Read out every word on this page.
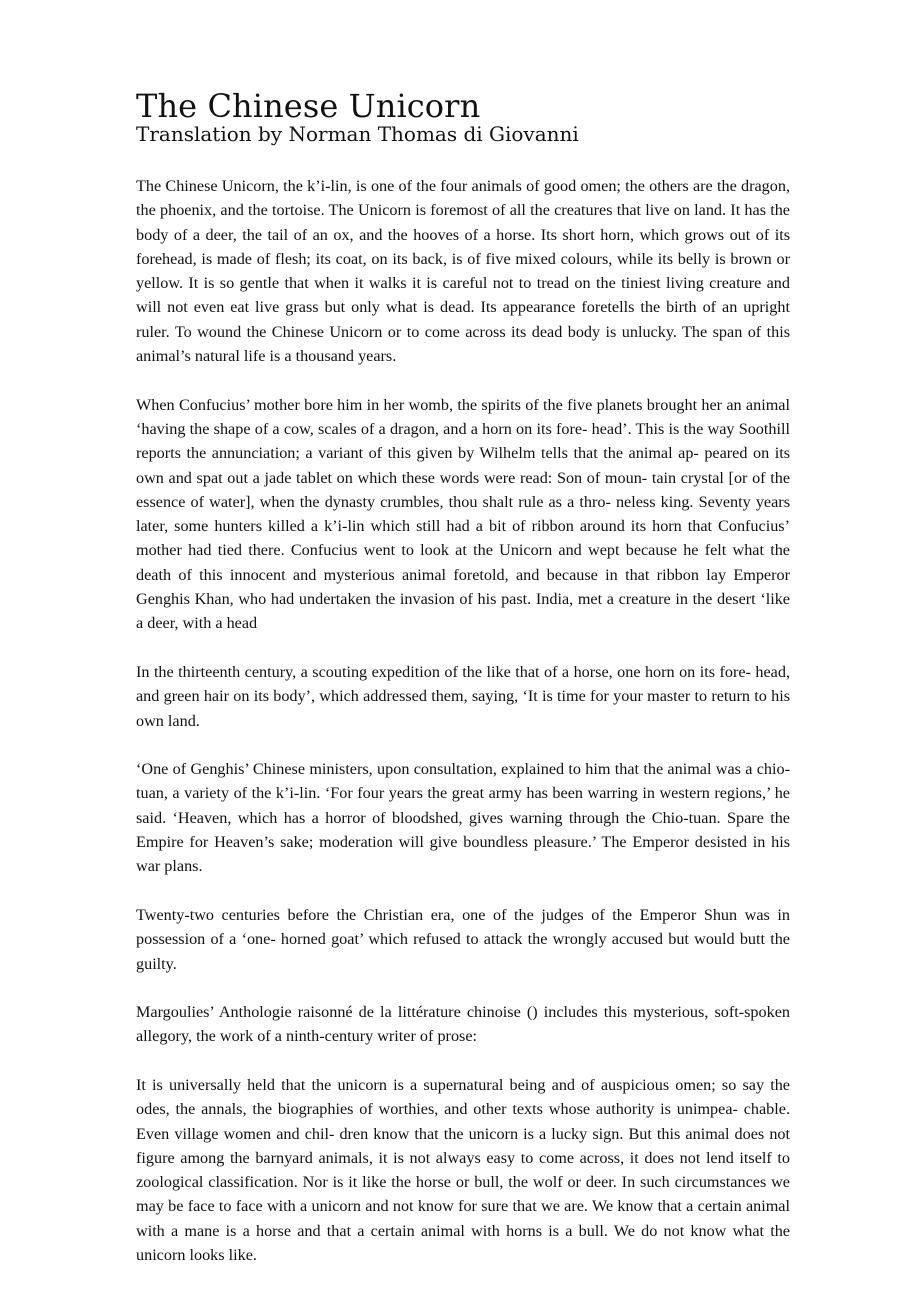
The Chinese Unicorn
Translation by Norman Thomas di Giovanni

The Chinese Unicorn, the k’i-lin, is one of the four animals of good omen; the others are the dragon, the phoenix, and the tortoise. The Unicorn is foremost of all the creatures that live on land. It has the body of a deer, the tail of an ox, and the hooves of a horse. Its short horn, which grows out of its forehead, is made of flesh; its coat, on its back, is of five mixed colours, while its belly is brown or yellow. It is so gentle that when it walks it is careful not to tread on the tiniest living creature and will not even eat live grass but only what is dead. Its appearance foretells the birth of an upright ruler. To wound the Chinese Unicorn or to come across its dead body is unlucky. The span of this animal’s natural life is a thousand years.

When Confucius’ mother bore him in her womb, the spirits of the five planets brought her an animal ‘having the shape of a cow, scales of a dragon, and a horn on its fore- head’. This is the way Soothill reports the annunciation; a variant of this given by Wilhelm tells that the animal ap- peared on its own and spat out a jade tablet on which these words were read: Son of moun- tain crystal [or of the essence of water], when the dynasty crumbles, thou shalt rule as a thro- neless king. Seventy years later, some hunters killed a k’i-lin which still had a bit of ribbon around its horn that Confucius’ mother had tied there. Confucius went to look at the Unicorn and wept because he felt what the death of this innocent and mysterious animal foretold, and because in that ribbon lay Emperor Genghis Khan, who had undertaken the invasion of his past. India, met a creature in the desert ‘like a deer, with a head

In the thirteenth century, a scouting expedition of the like that of a horse, one horn on its fore- head, and green hair on its body’, which addressed them, saying, ‘It is time for your master to return to his own land.

‘One of Genghis’ Chinese ministers, upon consultation, explained to him that the animal was a chio-tuan, a variety of the k’i-lin. ‘For four years the great army has been warring in western regions,’ he said. ‘Heaven, which has a horror of bloodshed, gives warning through the Chio-tuan. Spare the Empire for Heaven’s sake; moderation will give boundless pleasure.’ The Emperor desisted in his war plans.

Twenty-two centuries before the Christian era, one of the judges of the Emperor Shun was in possession of a ‘one- horned goat’ which refused to attack the wrongly accused but would butt the guilty.

Margoulies’ Anthologie raisonné de la littérature chinoise () includes this mysterious, soft-spoken allegory, the work of a ninth-century writer of prose:

It is universally held that the unicorn is a supernatural being and of auspicious omen; so say the odes, the annals, the biographies of worthies, and other texts whose authority is unimpea- chable. Even village women and chil- dren know that the unicorn is a lucky sign. But this animal does not figure among the barnyard animals, it is not always easy to come across, it does not lend itself to zoological classification. Nor is it like the horse or bull, the wolf or deer. In such circumstances we may be face to face with a unicorn and not know for sure that we are. We know that a certain animal with a mane is a horse and that a certain animal with horns is a bull. We do not know what the unicorn looks like.
